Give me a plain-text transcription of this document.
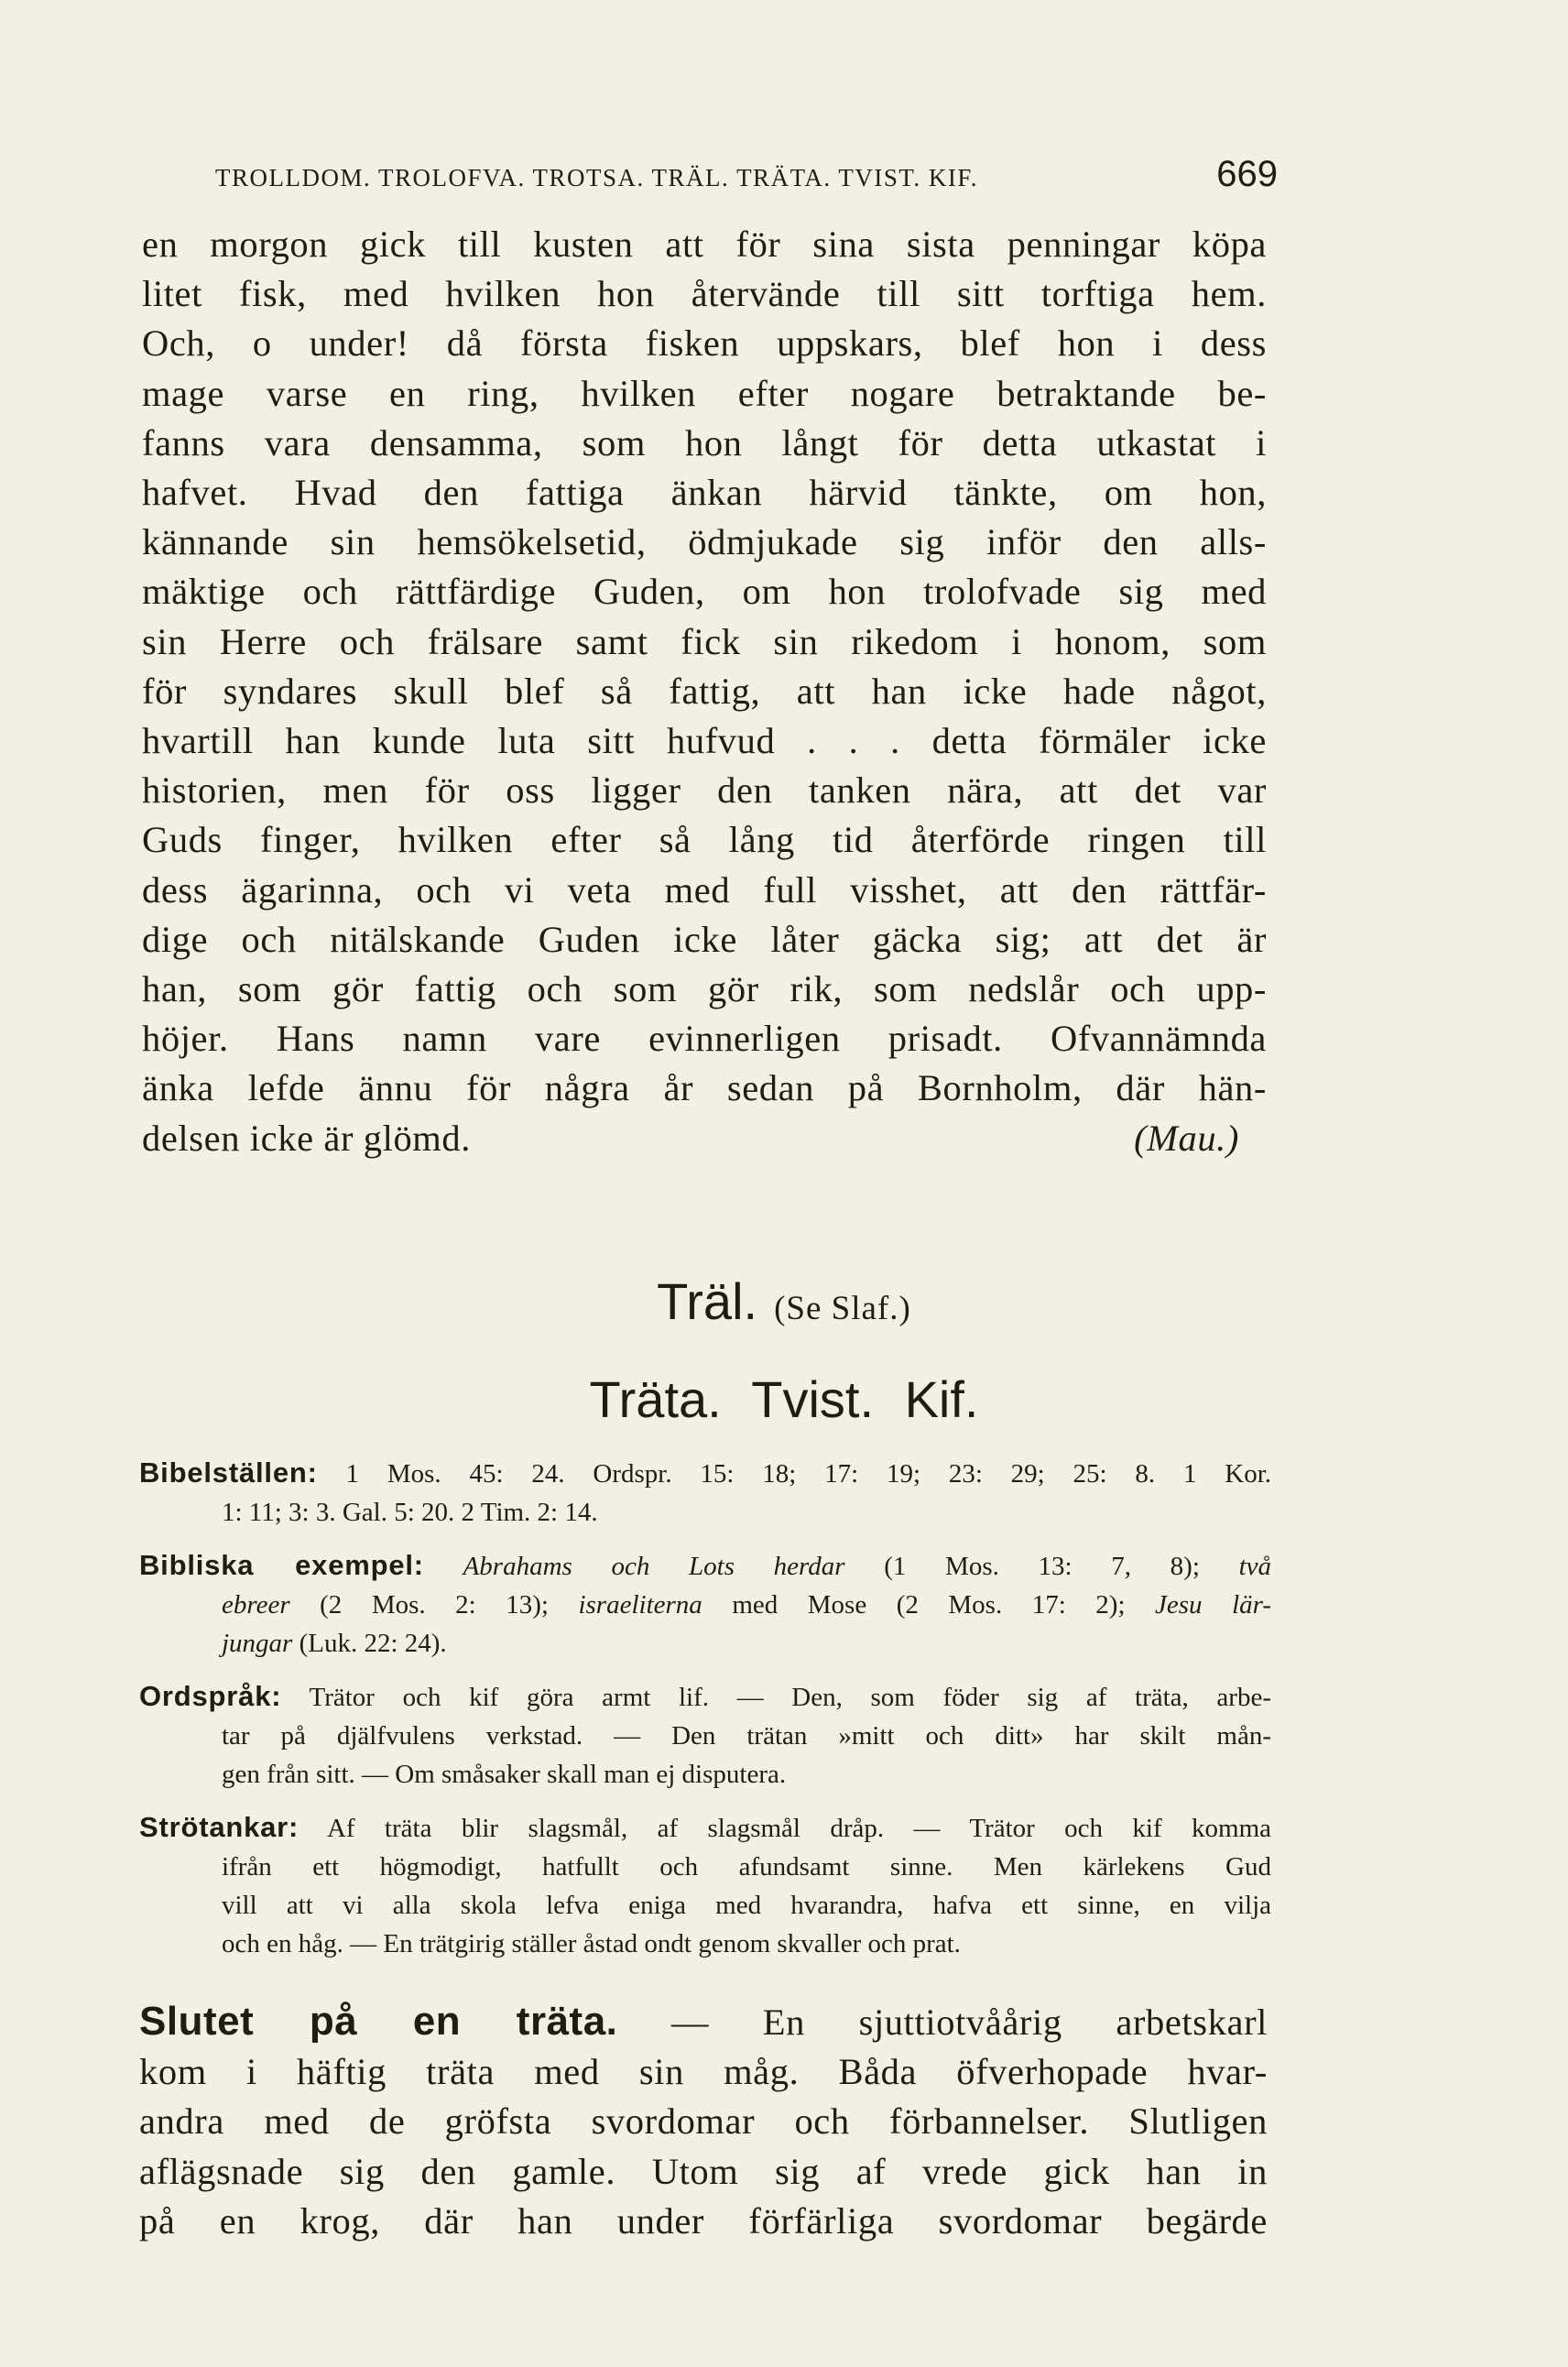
TROLLDOM. TROLOFVA. TROTSA. TRÄL. TRÄTA. TVIST. KIF.	669
en morgon gick till kusten att för sina sista penningar köpa
litet fisk, med hvilken hon återvände till sitt torftiga hem.
Och, o under! då första fisken uppskars, blef hon i dess
mage varse en ring, hvilken efter nogare betraktande be-
fanns vara densamma, som hon långt för detta utkastat i
hafvet. Hvad den fattiga änkan härvid tänkte, om hon,
kännande sin hemsökelsetid, ödmjukade sig inför den alls-
mäktige och rättfärdige Guden, om hon trolofvade sig med
sin Herre och frälsare samt fick sin rikedom i honom, som
för syndares skull blef så fattig, att han icke hade något,
hvartill han kunde luta sitt hufvud . . . detta förmäler icke
historien, men för oss ligger den tanken nära, att det var
Guds finger, hvilken efter så lång tid återförde ringen till
dess ägarinna, och vi veta med full visshet, att den rättfär-
dige och nitälskande Guden icke låter gäcka sig; att det är
han, som gör fattig och som gör rik, som nedslår och upp-
höjer. Hans namn vare evinnerligen prisadt. Ofvannämnda
änka lefde ännu för några år sedan på Bornholm, där hän-
delsen icke är glömd.	(Mau.)
Träl. (Se Slaf.)
Träta. Tvist. Kif.
Bibelställen: 1 Mos. 45: 24. Ordspr. 15: 18; 17: 19; 23: 29; 25: 8. 1 Kor.
1: 11; 3: 3. Gal. 5: 20. 2 Tim. 2: 14.
Bibliska exempel: Abrahams och Lots herdar (1 Mos. 13: 7, 8); två
ebreer (2 Mos. 2: 13); israeliterna med Mose (2 Mos. 17: 2); Jesu lär-
jungar (Luk. 22: 24).
Ordspråk: Trätor och kif göra armt lif. — Den, som föder sig af träta, arbe-
tar på djälfvulens verkstad. — Den trätan »mitt och ditt» har skilt mån-
gen från sitt. — Om småsaker skall man ej disputera.
Strötankar: Af träta blir slagsmål, af slagsmål dråp. — Trätor och kif komma
ifrån ett högmodigt, hatfullt och afundsamt sinne. Men kärlekens Gud
vill att vi alla skola lefva eniga med hvarandra, hafva ett sinne, en vilja
och en håg. — En trätgirig ställer åstad ondt genom skvaller och prat.
Slutet på en träta. — En sjuttiotvåårig arbetskarl
kom i häftig träta med sin måg. Båda öfverhopade hvar-
andra med de gröfsta svordomar och förbannelser. Slutligen
aflägsnade sig den gamle. Utom sig af vrede gick han in
på en krog, där han under förfärliga svordomar begärde
